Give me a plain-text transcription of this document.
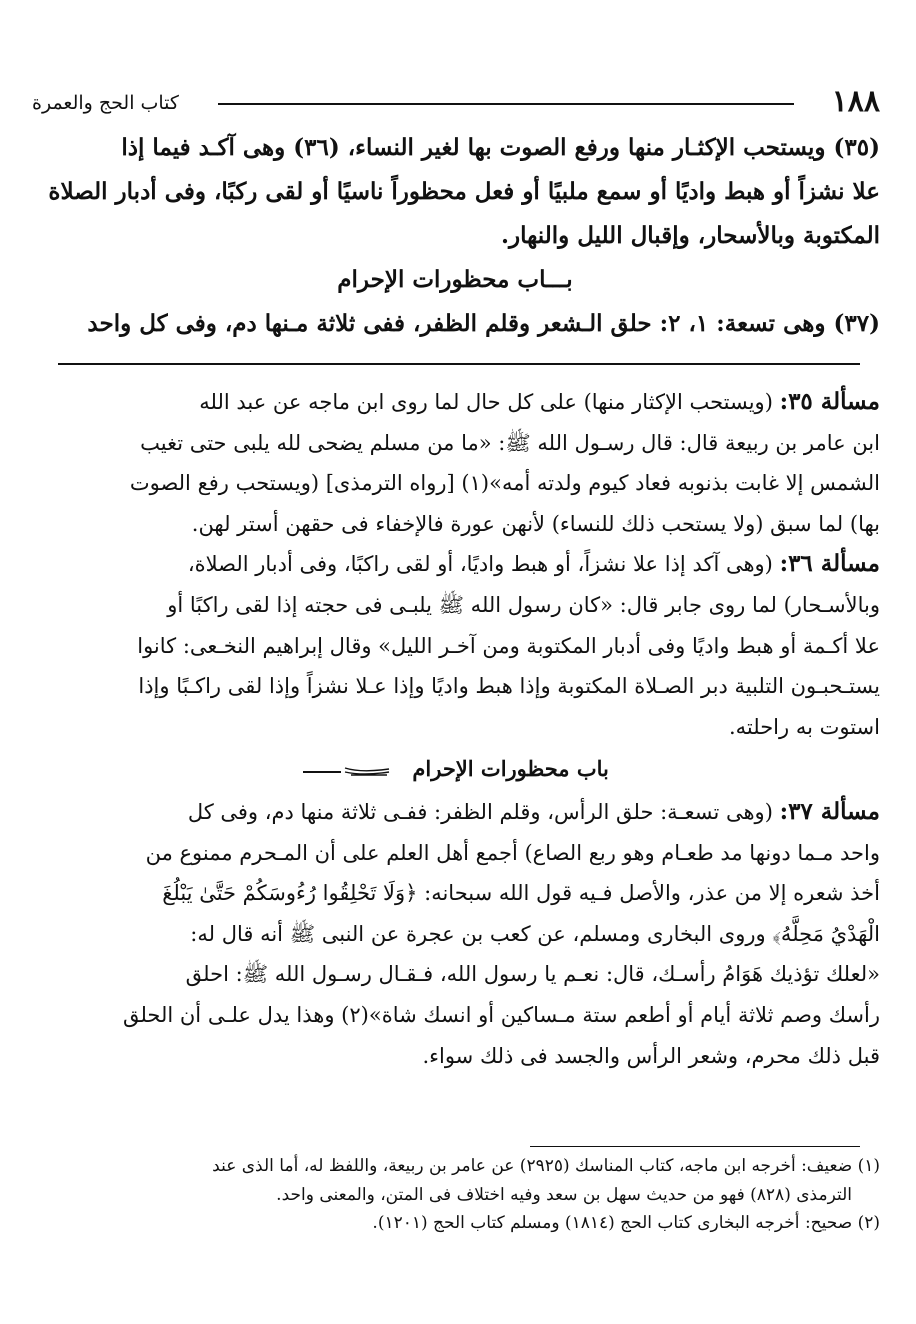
١٨٨
كتاب الحج والعمرة

(٣٥) ويستحب الإكثـار منها ورفع الصوت بها لغير النساء، (٣٦) وهى آكـد فيما إذا

علا نشزاً أو هبط واديًا أو سمع ملبيًا أو فعل محظوراً ناسيًا أو لقى ركبًا، وفى أدبار الصلاة

المكتوبة وبالأسحار، وإقبال الليل والنهار.

بـــاب محظورات الإحرام

(٣٧) وهى تسعة: ١، ٢: حلق الـشعر وقلم الظفر، ففى ثلاثة مـنها دم، وفى كل واحد

مسألة ٣٥: (ويستحب الإكثار منها) على كل حال لما روى ابن ماجه عن عبد الله

ابن عامر بن ربيعة قال: قال رسـول الله ﷺ: «ما من مسلم يضحى لله يلبى حتى تغيب

الشمس إلا غابت بذنوبه فعاد كيوم ولدته أمه»(١) [رواه الترمذى] (ويستحب رفع الصوت

بها) لما سبق (ولا يستحب ذلك للنساء) لأنهن عورة فالإخفاء فى حقهن أستر لهن.

مسألة ٣٦: (وهى آكد إذا علا نشزاً، أو هبط واديًا، أو لقى راكبًا، وفى أدبار الصلاة،

وبالأسـحار) لما روى جابر قال: «كان رسول الله ﷺ يلبـى فى حجته إذا لقى راكبًا أو

علا أكـمة أو هبط واديًا وفى أدبار المكتوبة ومن آخـر الليل» وقال إبراهيم النخـعى: كانوا

يستـحبـون التلبية دبر الصـلاة المكتوبة وإذا هبط واديًا وإذا عـلا نشزاً وإذا لقى راكـبًا وإذا

استوت به راحلته.

باب محظورات الإحرام

مسألة ٣٧: (وهى تسعـة: حلق الرأس، وقلم الظفر: ففـى ثلاثة منها دم، وفى كل

واحد مـما دونها مد طعـام وهو ربع الصاع) أجمع أهل العلم على أن المـحرم ممنوع من

أخذ شعره إلا من عذر، والأصل فـيه قول الله سبحانه: ﴿وَلَا تَحْلِقُوا رُءُوسَكُمْ حَتَّىٰ يَبْلُغَ

الْهَدْيُ مَحِلَّهُ﴾ وروى البخارى ومسلم، عن كعب بن عجرة عن النبى ﷺ أنه قال له:

«لعلك تؤذيك هَوَامُ رأسـك، قال: نعـم يا رسول الله، فـقـال رسـول الله ﷺ: احلق

رأسك وصم ثلاثة أيام أو أطعم ستة مـساكين أو انسك شاة»(٢) وهذا يدل علـى أن الحلق

قبل ذلك محرم، وشعر الرأس والجسد فى ذلك سواء.

(١) ضعيف: أخرجه ابن ماجه، كتاب المناسك (٢٩٢٥) عن عامر بن ربيعة، واللفظ له، أما الذى عند

الترمذى (٨٢٨) فهو من حديث سهل بن سعد وفيه اختلاف فى المتن، والمعنى واحد.

(٢) صحيح: أخرجه البخارى كتاب الحج (١٨١٤) ومسلم كتاب الحج (١٢٠١).
